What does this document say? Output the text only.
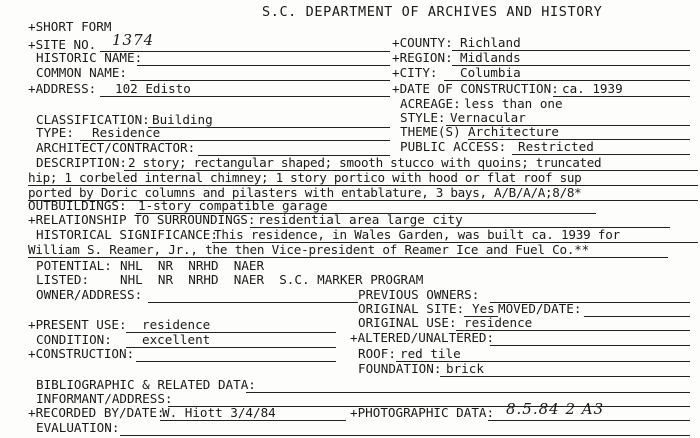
S.C. DEPARTMENT OF ARCHIVES AND HISTORY
+SHORT FORM
+SITE NO. 1374
HISTORIC NAME:
COMMON NAME:
+ADDRESS: 102 Edisto
+COUNTY: Richland
+REGION: Midlands
+CITY: Columbia
+DATE OF CONSTRUCTION: ca. 1939
ACREAGE: less than one
CLASSIFICATION: Building
TYPE: Residence
ARCHITECT/CONTRACTOR:
STYLE: Vernacular
THEME(S) Architecture
PUBLIC ACCESS: Restricted
DESCRIPTION: 2 story; rectangular shaped; smooth stucco with quoins; truncated
hip; 1 corbeled internal chimney; 1 story portico with hood or flat roof sup
ported by Doric columns and pilasters with entablature, 3 bays, A/B/A/A;8/8*
OUTBUILDINGS: 1-story compatible garage
+RELATIONSHIP TO SURROUNDINGS: residential area large city
HISTORICAL SIGNIFICANCE:
This residence, in Wales Garden, was built ca. 1939 for
William S. Reamer, Jr., the then Vice-president of Reamer Ice and Fuel Co.**
POTENTIAL: NHL  NR  NRHD  NAER
LISTED: NHL  NR  NRHD  NAER  S.C. MARKER PROGRAM
OWNER/ADDRESS:	PREVIOUS OWNERS:
ORIGINAL SITE: Yes MOVED/DATE:
+PRESENT USE: residence	ORIGINAL USE: residence
CONDITION: excellent	+ALTERED/UNALTERED:
+CONSTRUCTION:	ROOF: red tile
FOUNDATION: brick
BIBLIOGRAPHIC & RELATED DATA:
INFORMANT/ADDRESS:
+RECORDED BY/DATE:
W. Hiott 3/4/84	+PHOTOGRAPHIC DATA: 8.5.84 2 A3
EVALUATION:
